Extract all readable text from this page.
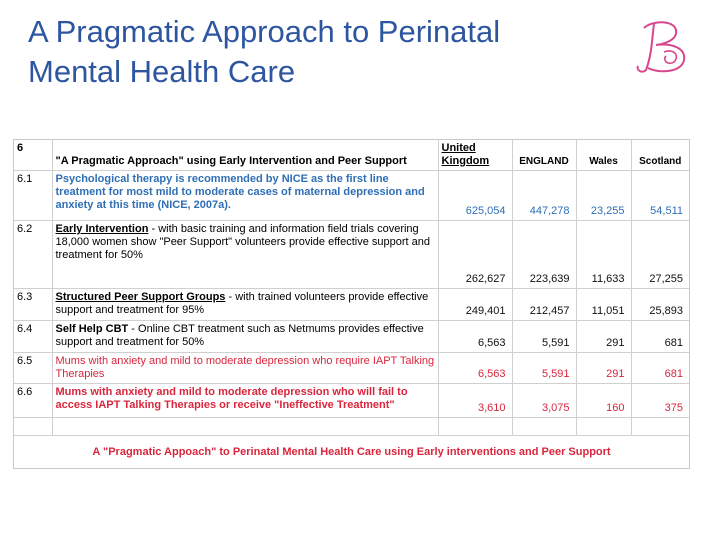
A Pragmatic Approach to Perinatal
Mental Health Care
6	"A Pragmatic Approach" using Early Intervention and Peer Support	United Kingdom	ENGLAND	Wales	Scotland
6.1	Psychological therapy is recommended by NICE as the first line treatment for most mild to moderate cases of maternal depression and anxiety at this time (NICE, 2007a).	625,054	447,278	23,255	54,511
6.2	Early Intervention - with basic training and information field trials covering 18,000 women show "Peer Support" volunteers provide effective support and treatment for 50%	262,627	223,639	11,633	27,255
6.3	Structured Peer Support Groups - with trained volunteers provide effective support and treatment for 95%	249,401	212,457	11,051	25,893
6.4	Self Help CBT - Online CBT treatment such as Netmums provides effective support and treatment for 50%	6,563	5,591	291	681
6.5	Mums with anxiety and mild to moderate depression who require IAPT Talking Therapies	6,563	5,591	291	681
6.6	Mums with anxiety and mild to moderate depression who will fail to access IAPT Talking Therapies or receive "Ineffective Treatment"	3,610	3,075	160	375

A "Pragmatic Appoach" to Perinatal Mental Health Care using Early interventions and Peer Support
